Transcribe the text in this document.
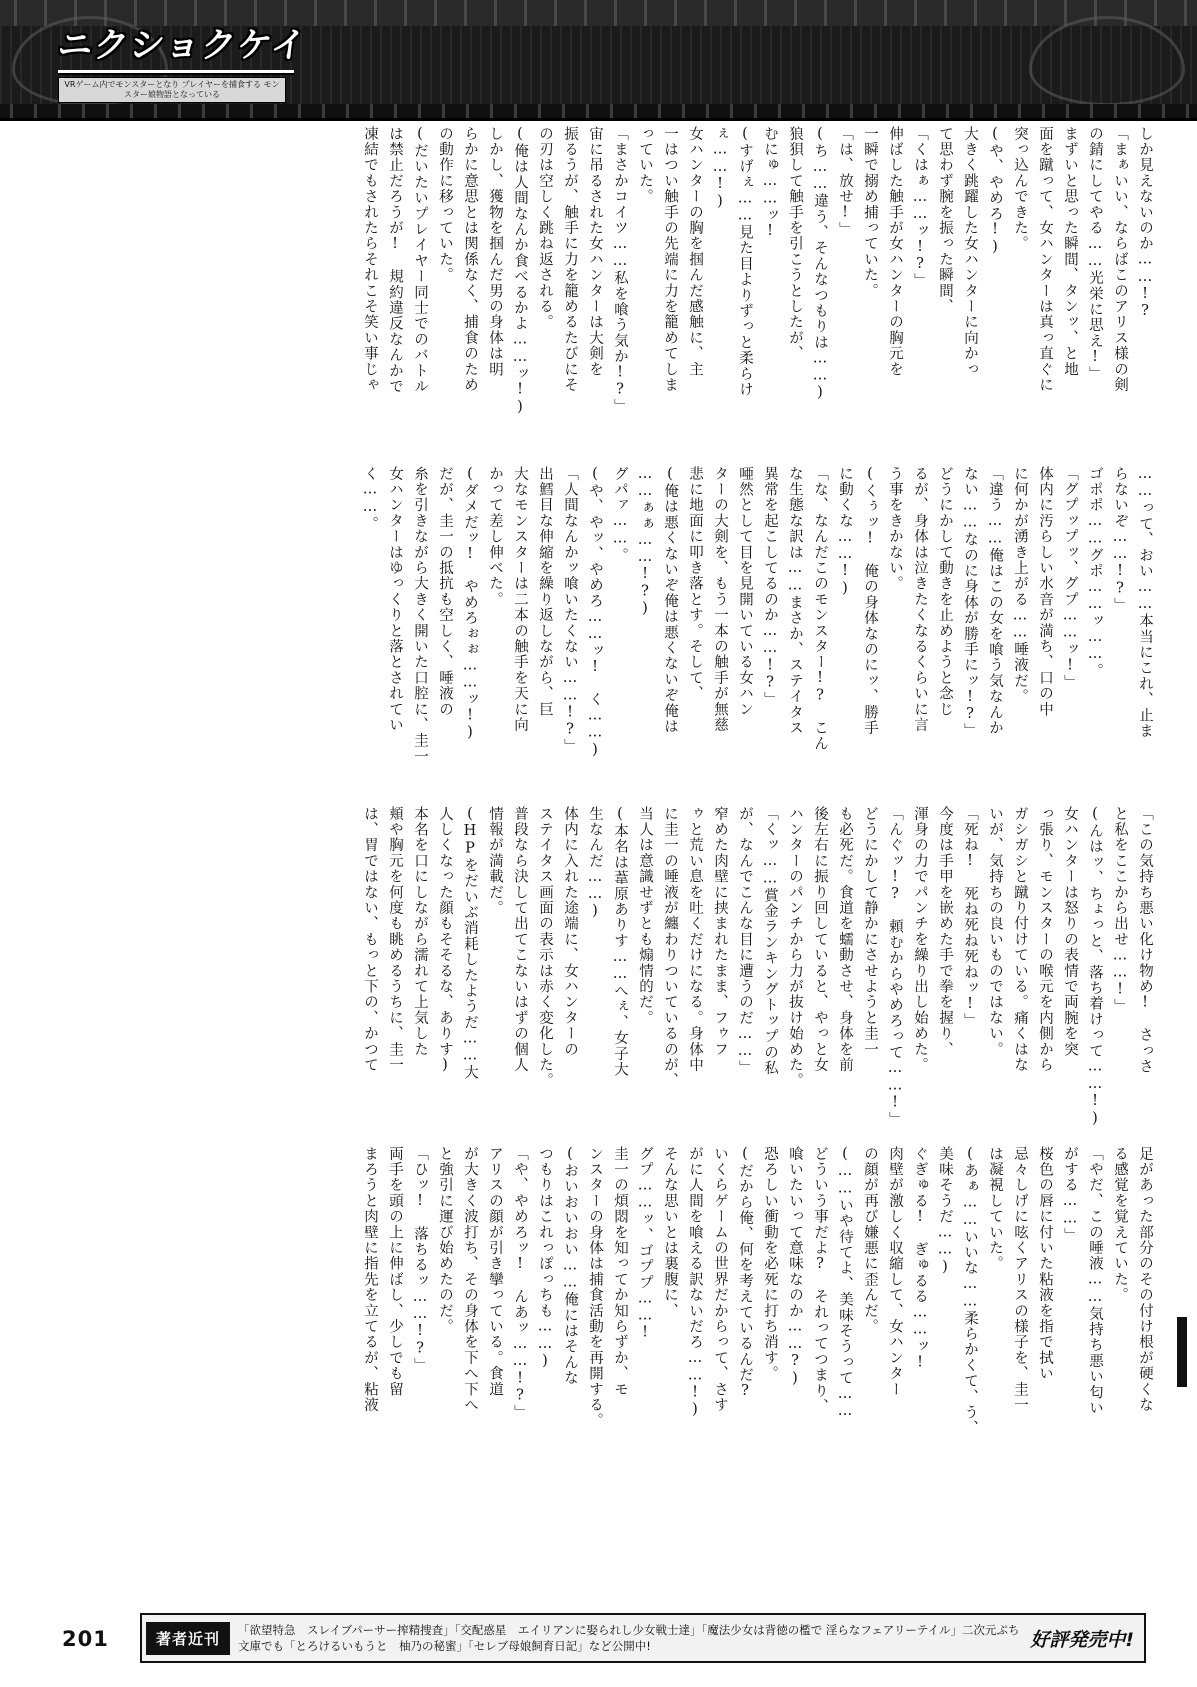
ニクショクケイ
VRゲーム内でモンスターとなり プレイヤーを捕食する モンスター娘物語となっている
しか見えないのか……!?
「まぁいい、ならばこのアリス様の剣
の錆にしてやる……光栄に思え!」
まずいと思った瞬間、タンッ、と地
面を蹴って、女ハンターは真っ直ぐに
突っ込んできた。
(や、やめろ!)
大きく跳躍した女ハンターに向かっ
て思わず腕を振った瞬間、
「くはぁ……ッ!?」
伸ばした触手が女ハンターの胸元を
一瞬で搦め捕っていた。
「は、放せ!」
(ち……違う、そんなつもりは……)
狼狽して触手を引こうとしたが、
むにゅ……ッ!
(すげぇ……見た目よりずっと柔らけ
ぇ……!)
女ハンターの胸を掴んだ感触に、主
一はつい触手の先端に力を籠めてしま
っていた。
「まさかコイツ……私を喰う気か!?」
宙に吊るされた女ハンターは大剣を
振るうが、触手に力を籠めるたびにそ
の刃は空しく跳ね返される。
(俺は人間なんか食べるかよ……ッ!)
しかし、獲物を掴んだ男の身体は明
らかに意思とは関係なく、捕食のため
の動作に移っていた。
(だいたいプレイヤー同士でのバトル
は禁止だろうが!　規約違反なんかで
凍結でもされたらそれこそ笑い事じゃ
……って、おい……本当にこれ、止ま
らないぞ……!?」
ゴポポ……グポ……ッ……。
「グプップッ、グプ……ッ!」
体内に汚らしい水音が満ち、口の中
に何かが湧き上がる……唾液だ。
「違う……俺はこの女を喰う気なんか
ない……なのに身体が勝手にッ!?」
どうにかして動きを止めようと念じ
るが、身体は泣きたくなるくらいに言
う事をきかない。
(くぅッ!　俺の身体なのにッ、勝手
に動くな……!)
「な、なんだこのモンスター!?　こん
な生態な訳は……まさか、ステイタス
異常を起こしてるのか……!?」
唖然として目を見開いている女ハン
ターの大剣を、もう一本の触手が無慈
悲に地面に叩き落とす。そして、
(俺は悪くないぞ俺は悪くないぞ俺は
……ぁぁ……!?)
グパァ……。
(や、やッ、やめろ……ッ!　く……)
「人間なんかッ喰いたくない……!?」
出鱈目な伸縮を繰り返しながら、巨
大なモンスターは二本の触手を天に向
かって差し伸べた。
(ダメだッ!　やめろぉぉ……ッ!)
だが、圭一の抵抗も空しく、唾液の
糸を引きながら大きく開いた口腔に、圭一
女ハンターはゆっくりと落とされてい
く……。
「この気持ち悪い化け物め!　さっさ
と私をここから出せ……!」
(んはッ、ちょっと、落ち着けって……!)
女ハンターは怒りの表情で両腕を突
っ張り、モンスターの喉元を内側から
ガシガシと蹴り付けている。痛くはな
いが、気持ちの良いものではない。
「死ね!　死ね死ね死ねッ!」
今度は手甲を嵌めた手で拳を握り、
渾身の力でパンチを繰り出し始めた。
「んぐッ!?　頼むからやめろって……!」
どうにかして静かにさせようと圭一
も必死だ。食道を蠕動させ、身体を前
後左右に振り回していると、やっと女
ハンターのパンチから力が抜け始めた。
「くッ……賞金ランキングトップの私
が、なんでこんな目に遭うのだ……」
窄めた肉壁に挟まれたまま、フゥフ
ゥと荒い息を吐くだけになる。身体中
に圭一の唾液が纏わりついているのが、
当人は意識せずとも煽情的だ。
(本名は葦原ありす……へぇ、女子大
生なんだ……)
体内に入れた途端に、女ハンターの
ステイタス画面の表示は赤く変化した。
普段なら決して出てこないはずの個人
情報が満載だ。
(HPをだいぶ消耗したようだ……大
人しくなった顔もそそるな、ありす)
本名を口にしながら濡れて上気した
頬や胸元を何度も眺めるうちに、圭一
は、胃ではない、もっと下の、かつて
足があった部分のその付け根が硬くな
る感覚を覚えていた。
「やだ、この唾液……気持ち悪い匂い
がする……」
桜色の唇に付いた粘液を指で拭い
忌々しげに呟くアリスの様子を、圭一
は凝視していた。
(あぁ……いいな……柔らかくて、う、
美味そうだ……)
ぐぎゅる!　ぎゅるる……ッ!
肉壁が激しく収縮して、女ハンター
の顔が再び嫌悪に歪んだ。
(……いや待てよ、美味そうって……
どういう事だよ?　それってつまり、
喰いたいって意味なのか……?)
恐ろしい衝動を必死に打ち消す。
(だから俺、何を考えているんだ?
いくらゲームの世界だからって、さす
がに人間を喰える訳ないだろ……!)
そんな思いとは裏腹に、
グプ……ッ、ゴププ……!
圭一の煩悶を知ってか知らずか、モ
ンスターの身体は捕食活動を再開する。
(おいおいおい……俺にはそんな
つもりはこれっぽっちも……)
「や、やめろッ!　んあッ……!?」
アリスの顔が引き攣っている。食道
が大きく波打ち、その身体を下へ下へ
と強引に運び始めたのだ。
「ひッ!　落ちるッ……!?」
両手を頭の上に伸ばし、少しでも留
まろうと肉壁に指先を立てるが、粘液
201	著者近刊	「欲望特急　スレイブパーサー搾精捜査」「交配惑星　エイリアンに娶られし少女戦士達」「魔法少女は背徳の檻で 淫らなフェアリーテイル」二次元ぷち文庫でも「とろけるいもうと　柚乃の秘蜜」「セレブ母娘飼育日記」など公開中!	好評発売中!
